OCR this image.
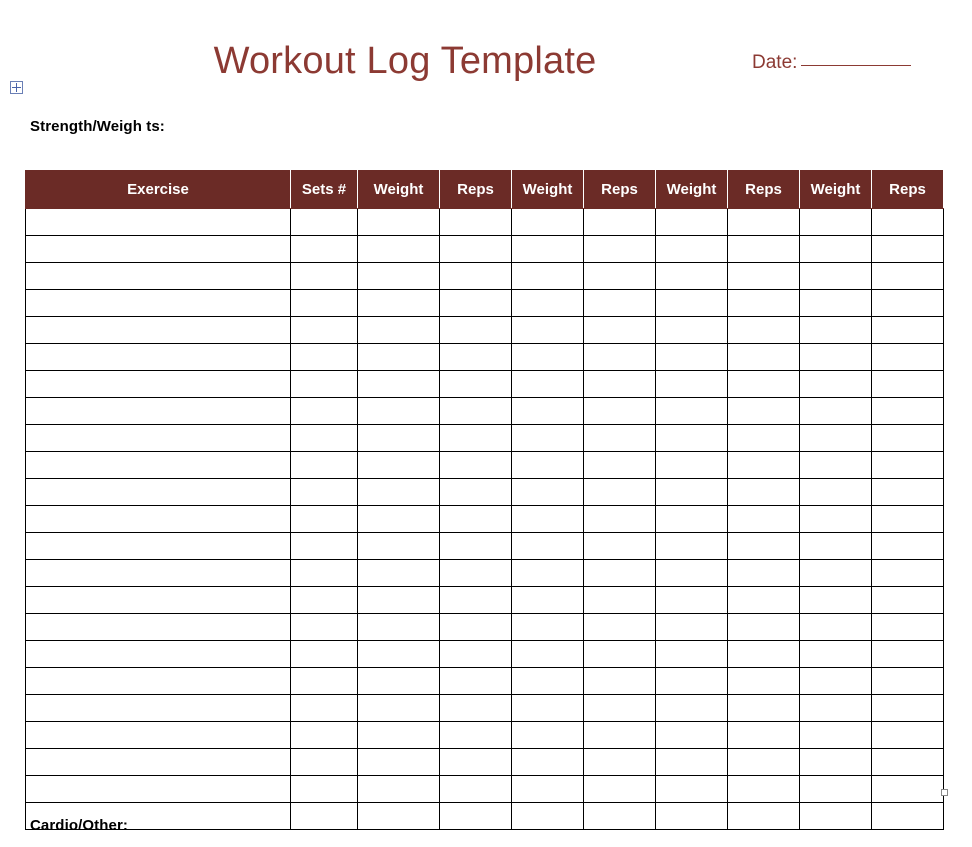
Workout Log Template	Date:
Strength/Weigh ts:
Exercise	Sets #	Weight	Reps	Weight	Reps	Weight	Reps	Weight	Reps

Cardio/Other:
